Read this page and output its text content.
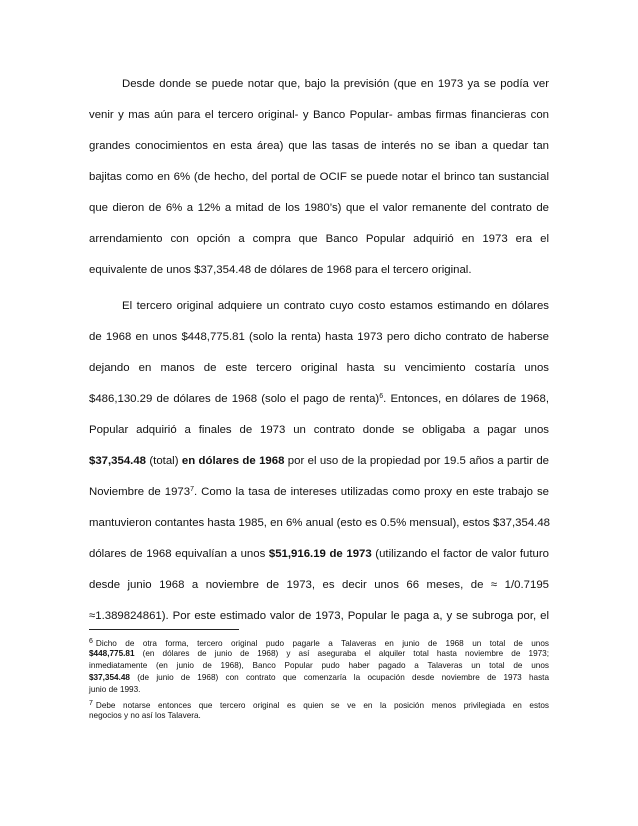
Desde donde se puede notar que, bajo la previsión (que en 1973 ya se podía ver
venir y mas aún para el tercero original- y Banco Popular- ambas firmas financieras con
grandes conocimientos en esta área) que las tasas de interés no se iban a quedar tan
bajitas como en 6% (de hecho, del portal de OCIF se puede notar el brinco tan sustancial
que dieron de 6% a 12% a mitad de los 1980’s) que el valor remanente del contrato de
arrendamiento con opción a compra que Banco Popular adquirió en 1973 era el
equivalente de unos $37,354.48 de dólares de 1968 para el tercero original.
El tercero original adquiere un contrato cuyo costo estamos estimando en dólares
de 1968 en unos $448,775.81 (solo la renta) hasta 1973 pero dicho contrato de haberse
dejando en manos de este tercero original hasta su vencimiento costaría unos
$486,130.29 de dólares de 1968 (solo el pago de renta)$^6$. Entonces, en dólares de 1968,
Popular adquirió a finales de 1973 un contrato donde se obligaba a pagar unos
$37,354.48 (total) en dólares de 1968 por el uso de la propiedad por 19.5 años a partir de
Noviembre de 1973$^7$. Como la tasa de intereses utilizadas como proxy en este trabajo se
mantuvieron contantes hasta 1985, en 6% anual (esto es 0.5% mensual), estos $37,354.48
dólares de 1968 equivalían a unos $51,916.19 de 1973 (utilizando el factor de valor futuro
desde junio 1968 a noviembre de 1973, es decir unos 66 meses, de ≈ 1/0.7195
≈1.389824861). Por este estimado valor de 1973, Popular le paga a, y se subroga por, el
6 Dicho de otra forma, tercero original pudo pagarle a Talaveras en junio de 1968 un total de unos
$448,775.81 (en dólares de junio de 1968) y así aseguraba el alquiler total hasta noviembre de 1973;
inmediatamente (en junio de 1968), Banco Popular pudo haber pagado a Talaveras un total de unos
$37,354.48 (de junio de 1968) con contrato que comenzaría la ocupación desde noviembre de 1973 hasta
junio de 1993.
7 Debe notarse entonces que tercero original es quien se ve en la posición menos privilegiada en estos
negocios y no así los Talavera.
